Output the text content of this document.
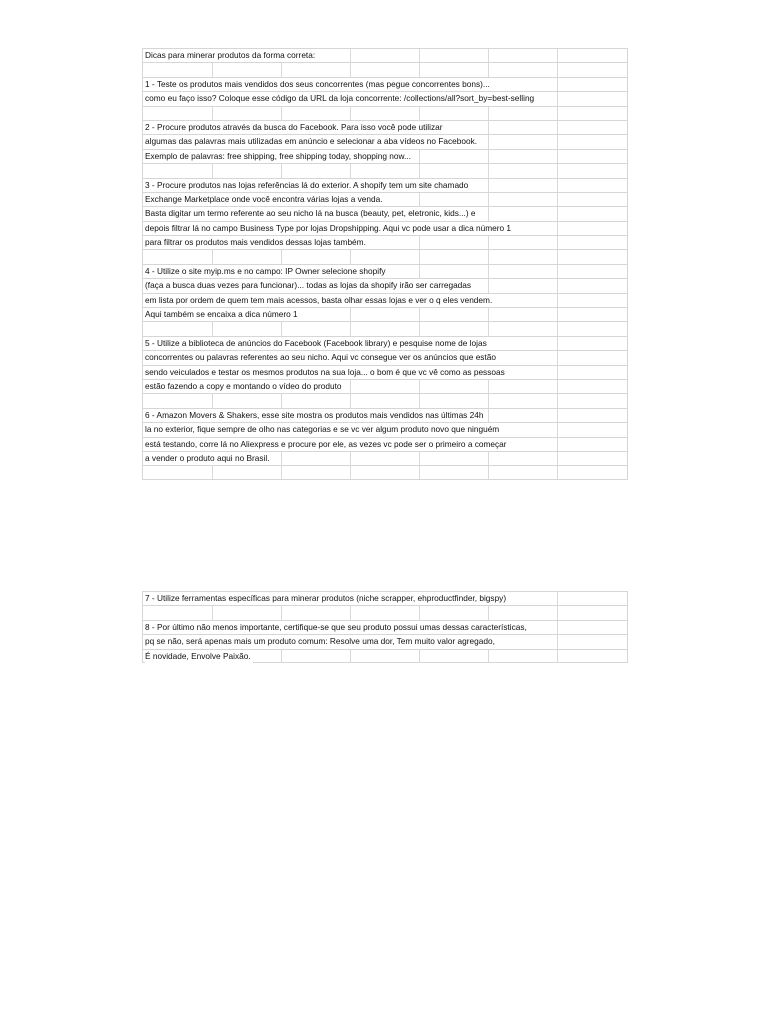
Dicas para minerar produtos da forma correta:
1 - Teste os produtos mais vendidos dos seus concorrentes (mas pegue concorrentes bons)...
como eu faço isso? Coloque esse código da URL da loja concorrente: /collections/all?sort_by=best-selling
2 - Procure produtos através da busca do Facebook. Para isso você pode utilizar
algumas das palavras mais utilizadas em anúncio e selecionar a aba vídeos no Facebook.
Exemplo de palavras: free shipping, free shipping today, shopping now...
3 - Procure produtos nas lojas referências lá do exterior. A shopify tem um site chamado
Exchange Marketplace onde você encontra várias lojas a venda.
Basta digitar um termo referente ao seu nicho lá na busca (beauty, pet, eletronic, kids...) e
depois filtrar lá no campo Business Type por lojas Dropshipping. Aqui vc pode usar a dica número 1
para filtrar os produtos mais vendidos dessas lojas também.
4 - Utilize o site myip.ms e no campo: IP Owner selecione shopify
(faça a busca duas vezes para funcionar)... todas as lojas da shopify irão ser carregadas
em lista por ordem de quem tem mais acessos, basta olhar essas lojas e ver o q eles vendem.
Aqui também se encaixa a dica número 1
5 - Utilize a biblioteca de anúncios do Facebook (Facebook library) e pesquise nome de lojas
concorrentes ou palavras referentes ao seu nicho. Aqui vc consegue ver os anúncios que estão
sendo veiculados e testar os mesmos produtos na sua loja... o bom é que vc vê como as pessoas
estão fazendo a copy e montando o vídeo do produto
6 - Amazon Movers & Shakers, esse site mostra os produtos mais vendidos nas últimas 24h
la no exterior, fique sempre de olho nas categorias e se vc ver algum produto novo que ninguém
está testando, corre lá no Aliexpress e procure por ele, as vezes vc pode ser o primeiro a começar
a vender o produto aqui no Brasil.
7 - Utilize ferramentas específicas para minerar produtos (niche scrapper, ehproductfinder, bigspy)
8 - Por último não menos importante, certifique-se que seu produto possui umas dessas características,
pq se não, será apenas mais um produto comum: Resolve uma dor, Tem muito valor agregado,
É novidade, Envolve Paixão.
